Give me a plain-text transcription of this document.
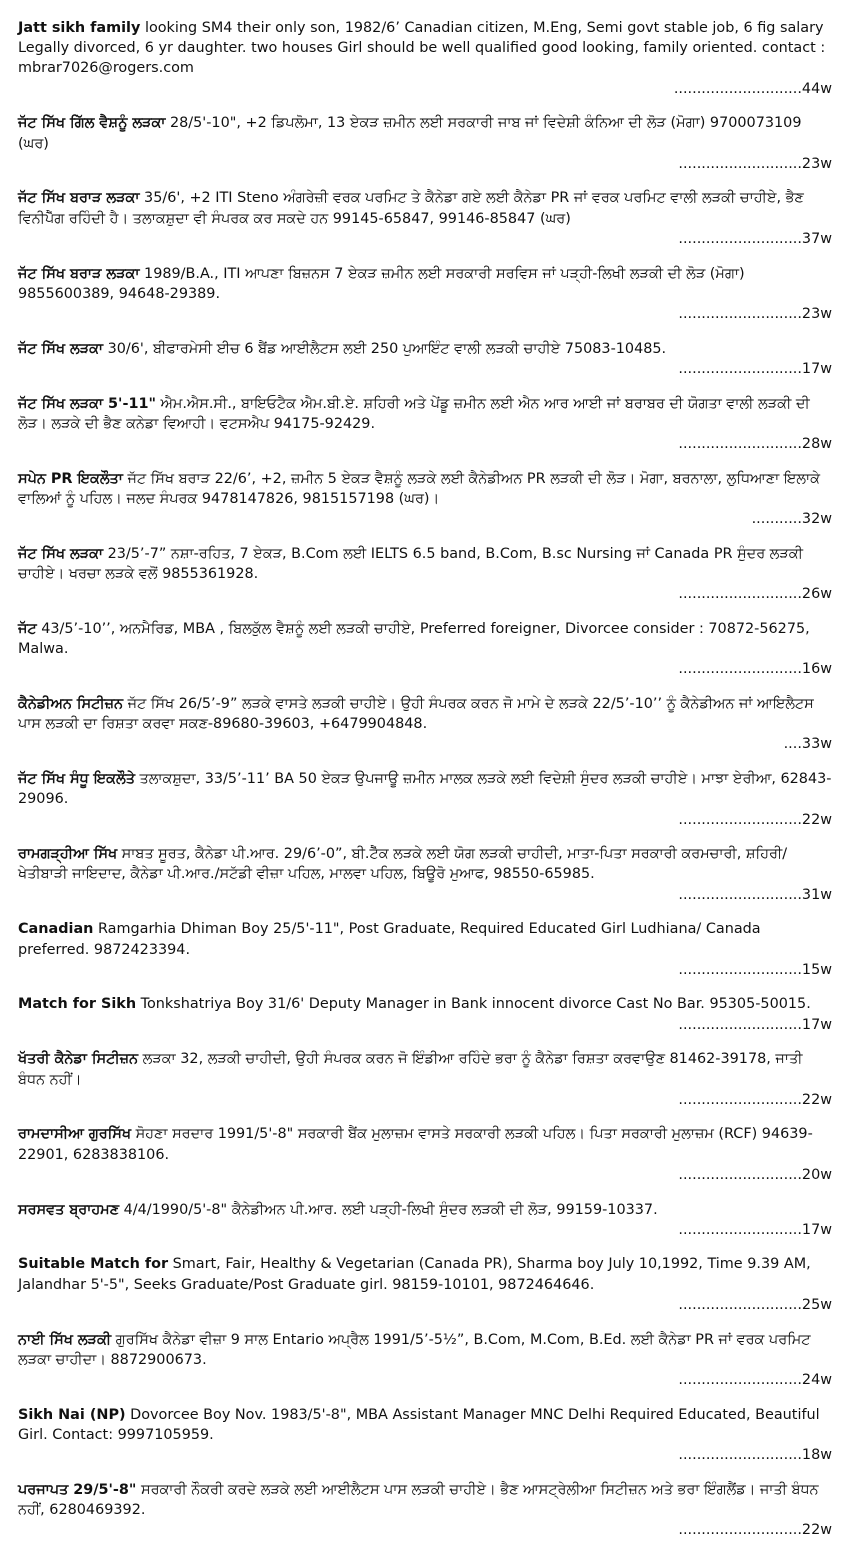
Jatt sikh family looking SM4 their only son, 1982/6’ Canadian citizen, M.Eng, Semi govt stable job, 6 fig salary Legally divorced, 6 yr daughter. two houses Girl should be well qualified good looking, family oriented. contact : mbrar7026@rogers.com
............................44w
ਜੱਟ ਸਿੱਖ ਗਿੱਲ ਵੈਸ਼ਨੂੰ ਲੜਕਾ 28/5'-10", +2 ਡਿਪਲੋਮਾ, 13 ਏਕੜ ਜ਼ਮੀਨ ਲਈ ਸਰਕਾਰੀ ਜਾਬ ਜਾਂ ਵਿਦੇਸ਼ੀ ਕੰਨਿਆ ਦੀ ਲੋੜ (ਮੋਗਾ) 9700073109 (ਘਰ)
...........................23w
ਜੱਟ ਸਿੱਖ ਬਰਾੜ ਲੜਕਾ 35/6', +2 ITI Steno ਅੰਗਰੇਜ਼ੀ ਵਰਕ ਪਰਮਿਟ ਤੇ ਕੈਨੇਡਾ ਗਏ ਲਈ ਕੈਨੇਡਾ PR ਜਾਂ ਵਰਕ ਪਰਮਿਟ ਵਾਲੀ ਲੜਕੀ ਚਾਹੀਏ, ਭੈਣ ਵਿਨੀਪੈੱਗ ਰਹਿੰਦੀ ਹੈ। ਤਲਾਕਸ਼ੁਦਾ ਵੀ ਸੰਪਰਕ ਕਰ ਸਕਦੇ ਹਨ 99145-65847, 99146-85847 (ਘਰ)
...........................37w
ਜੱਟ ਸਿੱਖ ਬਰਾੜ ਲੜਕਾ 1989/B.A., ITI ਆਪਣਾ ਬਿਜ਼ਨਸ 7 ਏਕੜ ਜ਼ਮੀਨ ਲਈ ਸਰਕਾਰੀ ਸਰਵਿਸ ਜਾਂ ਪੜ੍ਹੀ-ਲਿਖੀ ਲੜਕੀ ਦੀ ਲੋੜ (ਮੋਗਾ) 9855600389, 94648-29389.
...........................23w
ਜੱਟ ਸਿੱਖ ਲੜਕਾ 30/6', ਬੀਫਾਰਮੇਸੀ ਈਚ 6 ਬੈਂਡ ਆਈਲੈਟਸ ਲਈ 250 ਪੁਆਇੰਟ ਵਾਲੀ ਲੜਕੀ ਚਾਹੀਏ 75083-10485.
...........................17w
ਜੱਟ ਸਿੱਖ ਲੜਕਾ 5'-11" ਐਮ.ਐਸ.ਸੀ., ਬਾਇਓਟੈਕ ਐਮ.ਬੀ.ਏ. ਸ਼ਹਿਰੀ ਅਤੇ ਪੇਂਡੂ ਜ਼ਮੀਨ ਲਈ ਐਨ ਆਰ ਆਈ ਜਾਂ ਬਰਾਬਰ ਦੀ ਯੋਗਤਾ ਵਾਲੀ ਲੜਕੀ ਦੀ ਲੋੜ। ਲੜਕੇ ਦੀ ਭੈਣ ਕਨੇਡਾ ਵਿਆਹੀ। ਵਟਸਐਪ 94175-92429.
...........................28w
ਸਪੇਨ PR ਇਕਲੌਤਾ ਜੱਟ ਸਿੱਖ ਬਰਾੜ 22/6’, +2, ਜ਼ਮੀਨ 5 ਏਕੜ ਵੈਸ਼ਨੂੰ ਲੜਕੇ ਲਈ ਕੈਨੇਡੀਅਨ PR ਲੜਕੀ ਦੀ ਲੋੜ। ਮੋਗਾ, ਬਰਨਾਲਾ, ਲੁਧਿਆਣਾ ਇਲਾਕੇ ਵਾਲਿਆਂ ਨੂੰ ਪਹਿਲ। ਜਲਦ ਸੰਪਰਕ 9478147826, 9815157198 (ਘਰ)।
...........32w
ਜੱਟ ਸਿੱਖ ਲੜਕਾ 23/5’-7” ਨਸ਼ਾ-ਰਹਿਤ, 7 ਏਕੜ, B.Com ਲਈ IELTS 6.5 band, B.Com, B.sc Nursing ਜਾਂ Canada PR ਸੁੰਦਰ ਲੜਕੀ ਚਾਹੀਏ। ਖਰਚਾ ਲੜਕੇ ਵਲੋਂ 9855361928.
...........................26w
ਜੱਟ 43/5’-10’’, ਅਨਮੈਰਿਡ, MBA , ਬਿਲਕੁੱਲ ਵੈਸ਼ਨੂੰ ਲਈ ਲੜਕੀ ਚਾਹੀਏ, Preferred foreigner, Divorcee consider : 70872-56275, Malwa.
...........................16w
ਕੈਨੇਡੀਅਨ ਸਿਟੀਜ਼ਨ ਜੱਟ ਸਿੱਖ 26/5’-9” ਲੜਕੇ ਵਾਸਤੇ ਲੜਕੀ ਚਾਹੀਏ। ਉਹੀ ਸੰਪਰਕ ਕਰਨ ਜੋ ਮਾਮੇ ਦੇ ਲੜਕੇ 22/5’-10’’ ਨੂੰ ਕੈਨੇਡੀਅਨ ਜਾਂ ਆਇਲੈਟਸ ਪਾਸ ਲੜਕੀ ਦਾ ਰਿਸ਼ਤਾ ਕਰਵਾ ਸਕਣ-89680-39603, +6479904848.
....33w
ਜੱਟ ਸਿੱਖ ਸੰਧੂ ਇਕਲੌਤੇ ਤਲਾਕਸ਼ੁਦਾ, 33/5’-11’ BA 50 ਏਕੜ ਉਪਜਾਊ ਜ਼ਮੀਨ ਮਾਲਕ ਲੜਕੇ ਲਈ ਵਿਦੇਸ਼ੀ ਸੁੰਦਰ ਲੜਕੀ ਚਾਹੀਏ। ਮਾਝਾ ਏਰੀਆ, 62843-29096.
...........................22w
ਰਾਮਗੜ੍ਹੀਆ ਸਿੱਖ ਸਾਬਤ ਸੂਰਤ, ਕੈਨੇਡਾ ਪੀ.ਆਰ. 29/6’-0”, ਬੀ.ਟੈੱਕ ਲੜਕੇ ਲਈ ਯੋਗ ਲੜਕੀ ਚਾਹੀਦੀ, ਮਾਤਾ-ਪਿਤਾ ਸਰਕਾਰੀ ਕਰਮਚਾਰੀ, ਸ਼ਹਿਰੀ/ਖੇਤੀਬਾੜੀ ਜਾਇਦਾਦ, ਕੈਨੇਡਾ ਪੀ.ਆਰ./ਸਟੱਡੀ ਵੀਜ਼ਾ ਪਹਿਲ, ਮਾਲਵਾ ਪਹਿਲ, ਬਿਊਰੋ ਮੁਆਫ, 98550-65985.
...........................31w
Canadian Ramgarhia Dhiman Boy 25/5'-11", Post Graduate, Required Educated Girl Ludhiana/ Canada preferred. 9872423394.
...........................15w
Match for Sikh Tonkshatriya Boy 31/6' Deputy Manager in Bank innocent divorce Cast No Bar. 95305-50015.
...........................17w
ਖੱਤਰੀ ਕੈਨੇਡਾ ਸਿਟੀਜ਼ਨ ਲੜਕਾ 32, ਲੜਕੀ ਚਾਹੀਦੀ, ਉਹੀ ਸੰਪਰਕ ਕਰਨ ਜੋ ਇੰਡੀਆ ਰਹਿੰਦੇ ਭਰਾ ਨੂੰ ਕੈਨੇਡਾ ਰਿਸ਼ਤਾ ਕਰਵਾਉਣ 81462-39178, ਜਾਤੀ ਬੰਧਨ ਨਹੀਂ।
...........................22w
ਰਾਮਦਾਸੀਆ ਗੁਰਸਿੱਖ ਸੋਹਣਾ ਸਰਦਾਰ 1991/5'-8" ਸਰਕਾਰੀ ਬੈਂਕ ਮੁਲਾਜ਼ਮ ਵਾਸਤੇ ਸਰਕਾਰੀ ਲੜਕੀ ਪਹਿਲ। ਪਿਤਾ ਸਰਕਾਰੀ ਮੁਲਾਜ਼ਮ (RCF) 94639-22901, 6283838106.
...........................20w
ਸਰਸਵਤ ਬ੍ਰਾਹਮਣ 4/4/1990/5'-8" ਕੈਨੇਡੀਅਨ ਪੀ.ਆਰ. ਲਈ ਪੜ੍ਹੀ-ਲਿਖੀ ਸੁੰਦਰ ਲੜਕੀ ਦੀ ਲੋੜ, 99159-10337.
...........................17w
Suitable Match for Smart, Fair, Healthy & Vegetarian (Canada PR), Sharma boy July 10,1992, Time 9.39 AM, Jalandhar 5'-5", Seeks Graduate/Post Graduate girl. 98159-10101, 9872464646.
...........................25w
ਨਾਈ ਸਿੱਖ ਲੜਕੀ ਗੁਰਸਿੱਖ ਕੈਨੇਡਾ ਵੀਜ਼ਾ 9 ਸਾਲ Entario ਅਪ੍ਰੈਲ 1991/5’-5½”, B.Com, M.Com, B.Ed. ਲਈ ਕੈਨੇਡਾ PR ਜਾਂ ਵਰਕ ਪਰਮਿਟ ਲੜਕਾ ਚਾਹੀਦਾ। 8872900673.
...........................24w
Sikh Nai (NP) Dovorcee Boy Nov. 1983/5'-8", MBA Assistant Manager MNC Delhi Required Educated, Beautiful Girl. Contact: 9997105959.
...........................18w
ਪਰਜਾਪਤ 29/5'-8" ਸਰਕਾਰੀ ਨੌਕਰੀ ਕਰਦੇ ਲੜਕੇ ਲਈ ਆਈਲੈਟਸ ਪਾਸ ਲੜਕੀ ਚਾਹੀਏ। ਭੈਣ ਆਸਟ੍ਰੇਲੀਆ ਸਿਟੀਜ਼ਨ ਅਤੇ ਭਰਾ ਇੰਗਲੈਂਡ। ਜਾਤੀ ਬੰਧਨ ਨਹੀਂ, 6280469392.
...........................22w
